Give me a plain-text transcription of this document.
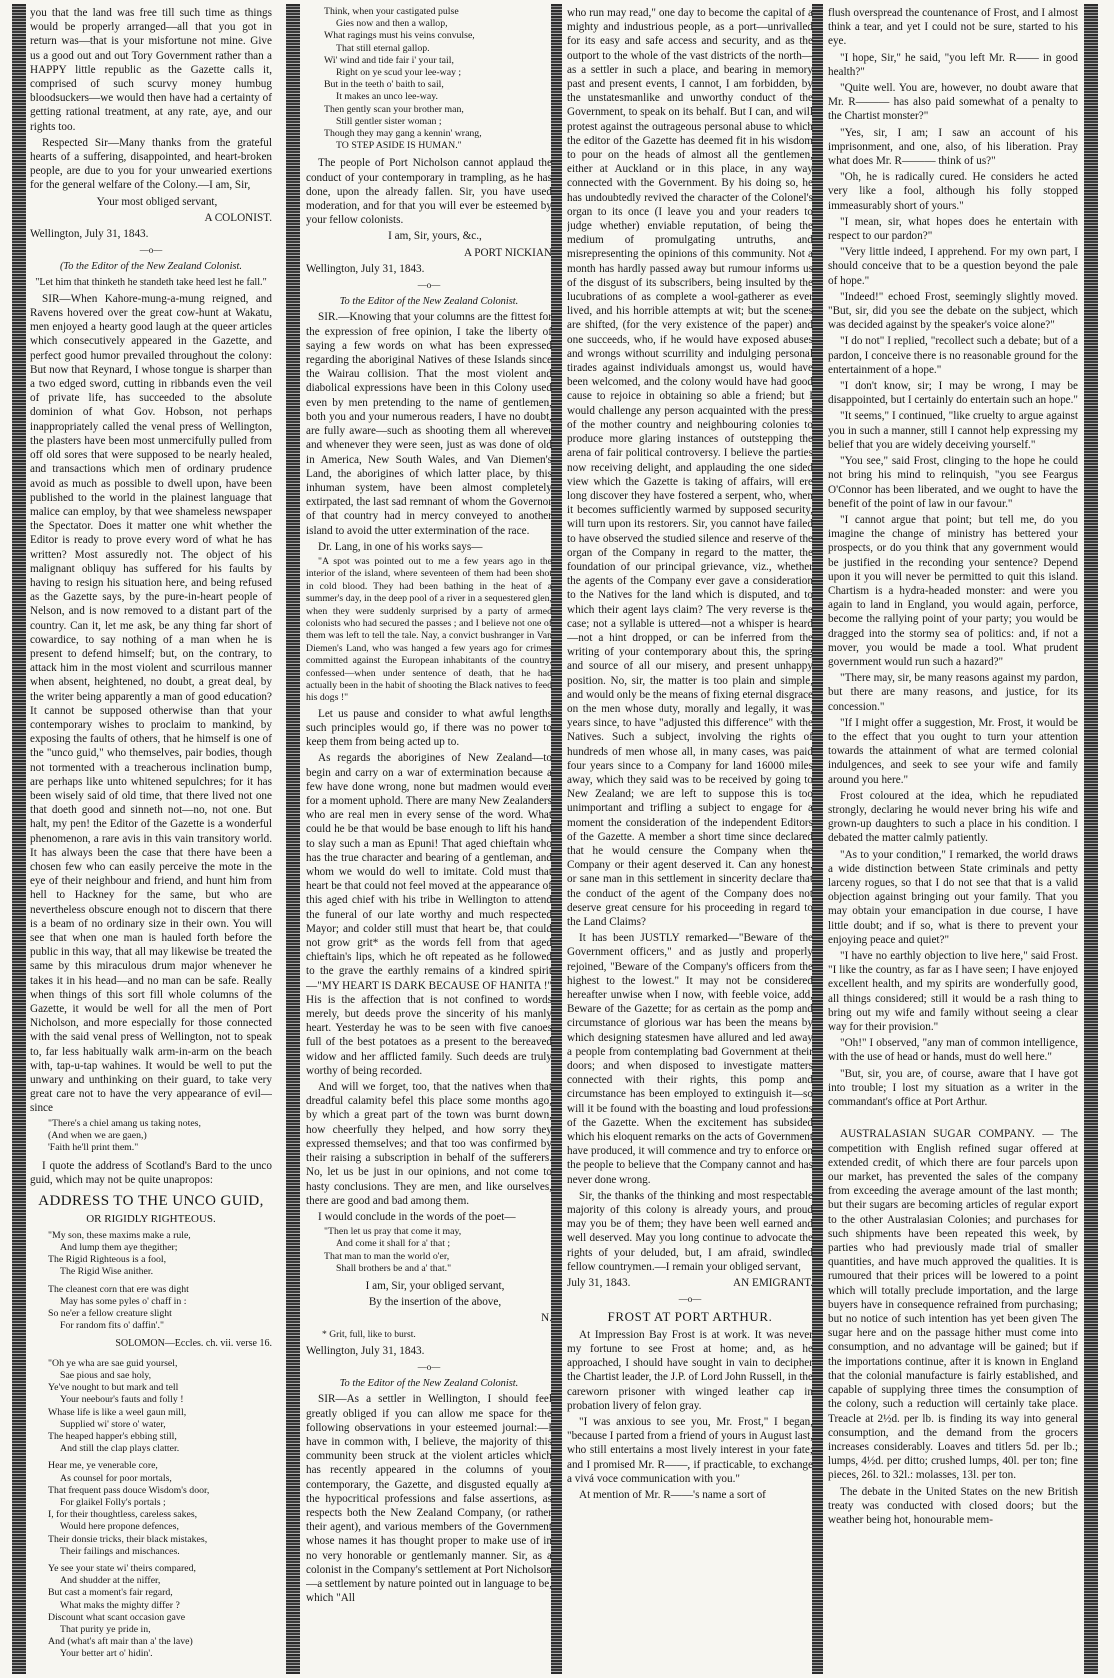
you that the land was free till such time as things would be properly arranged—all that you got in return was—that is your misfortune not mine. Give us a good out and out Tory Government rather than a HAPPY little republic as the Gazette calls it, comprised of such scurvy money humbug bloodsuckers—we would then have had a certainty of getting rational treatment, at any rate, aye, and our rights too.

Respected Sir—Many thanks from the grateful hearts of a suffering, disappointed, and heart-broken people, are due to you for your unwearied exertions for the general welfare of the Colony.—I am, Sir,

Your most obliged servant,

A COLONIST.

Wellington, July 31, 1843.

—o—
(To the Editor of the New Zealand Colonist.
"Let him that thinketh he standeth take heed lest he fall."

SIR—When Kahore-mung-a-mung reigned, and Ravens hovered over the great cow-hunt at Wakatu, men enjoyed a hearty good laugh at the queer articles which consecutively appeared in the Gazette, and perfect good humor prevailed throughout the colony: But now that Reynard, I whose tongue is sharper than a two edged sword, cutting in ribbands even the veil of private life, has succeeded to the absolute dominion of what Gov. Hobson, not perhaps inappropriately called the venal press of Wellington, the plasters have been most unmercifully pulled from off old sores that were supposed to be nearly healed, and transactions which men of ordinary prudence avoid as much as possible to dwell upon, have been published to the world in the plainest language that malice can employ, by that wee shameless newspaper the Spectator. Does it matter one whit whether the Editor is ready to prove every word of what he has written? Most assuredly not. The object of his malignant obliquy has suffered for his faults by having to resign his situation here, and being refused as the Gazette says, by the pure-in-heart people of Nelson, and is now removed to a distant part of the country. Can it, let me ask, be any thing far short of cowardice, to say nothing of a man when he is present to defend himself; but, on the contrary, to attack him in the most violent and scurrilous manner when absent, heightened, no doubt, a great deal, by the writer being apparently a man of good education? It cannot be supposed otherwise than that your contemporary wishes to proclaim to mankind, by exposing the faults of others, that he himself is one of the "unco guid," who themselves, pair bodies, though not tormented with a treacherous inclination bump, are perhaps like unto whitened sepulchres; for it has been wisely said of old time, that there lived not one that doeth good and sinneth not—no, not one. But halt, my pen! the Editor of the Gazette is a wonderful phenomenon, a rare avis in this vain transitory world. It has always been the case that there have been a chosen few who can easily perceive the mote in the eye of their neighbour and friend, and hunt him from hell to Hackney for the same, but who are nevertheless obscure enough not to discern that there is a beam of no ordinary size in their own. You will see that when one man is hauled forth before the public in this way, that all may likewise be treated the same by this miraculous drum major whenever he takes it in his head—and no man can be safe. Really when things of this sort fill whole columns of the Gazette, it would be well for all the men of Port Nicholson, and more especially for those connected with the said venal press of Wellington, not to speak to, far less habitually walk arm-in-arm on the beach with, tap-u-tap wahines. It would be well to put the unwary and unthinking on their guard, to take very great care not to have the very appearance of evil—since

"There's a chiel amang us taking notes,
(And when we are gaen,)
'Faith he'll print them."

I quote the address of Scotland's Bard to the unco guid, which may not be quite unapropos:

ADDRESS TO THE UNCO GUID,
OR RIGIDLY RIGHTEOUS.
"My son, these maxims make a rule,
And lump them aye thegither;
The Rigid Righteous is a fool,
The Rigid Wise anither.
The cleanest corn that ere was dight
May has some pyles o' chaff in :
So ne'er a fellow creature slight
For random fits o' daffin'."
SOLOMON—Eccles. ch. vii. verse 16.
"Oh ye wha are sae guid yoursel,
Sae pious and sae holy,
Ye've nought to but mark and tell
Your neebour's fauts and folly !
Whase life is like a weel gaun mill,
Supplied wi' store o' water,
The heaped happer's ebbing still,
And still the clap plays clatter.
Hear me, ye venerable core,
As counsel for poor mortals,
That frequent pass douce Wisdom's door,
For glaikel Folly's portals ;
I, for their thoughtless, careless sakes,
Would here propone defences,
Their donsie tricks, their black mistakes,
Their failings and mischances.
Ye see your state wi' theirs compared,
And shudder at the niffer,
But cast a moment's fair regard,
What maks the mighty differ ?
Discount what scant occasion gave
That purity ye pride in,
And (what's aft mair than a' the lave)
Your better art o' hidin'.
Think, when your castigated pulse
Gies now and then a wallop,
What ragings must his veins convulse,
That still eternal gallop.
Wi' wind and tide fair i' your tail,
Right on ye scud your lee-way ;
But in the teeth o' baith to sail,
It makes an unco lee-way.
Then gently scan your brother man,
Still gentler sister woman ;
Though they may gang a kennin' wrang,
TO STEP ASIDE IS HUMAN."

The people of Port Nicholson cannot applaud the conduct of your contemporary in trampling, as he has done, upon the already fallen. Sir, you have used moderation, and for that you will ever be esteemed by your fellow colonists.

I am, Sir, yours, &c.,

A PORT NICKIAN

Wellington, July 31, 1843.

—o—
To the Editor of the New Zealand Colonist.

SIR.—Knowing that your columns are the fittest for the expression of free opinion, I take the liberty of saying a few words on what has been expressed regarding the aboriginal Natives of these Islands since the Wairau collision. That the most violent and diabolical expressions have been in this Colony used even by men pretending to the name of gentlemen, both you and your numerous readers, I have no doubt, are fully aware—such as shooting them all wherever and whenever they were seen, just as was done of old in America, New South Wales, and Van Diemen's Land, the aborigines of which latter place, by this inhuman system, have been almost completely extirpated, the last sad remnant of whom the Governor of that country had in mercy conveyed to another island to avoid the utter extermination of the race.

Dr. Lang, in one of his works says—

"A spot was pointed out to me a few years ago in the interior of the island, where seventeen of them had been shot in cold blood. They had been bathing in the heat of a summer's day, in the deep pool of a river in a sequestered glen, when they were suddenly surprised by a party of armed colonists who had secured the passes ; and I believe not one of them was left to tell the tale. Nay, a convict bushranger in Van Diemen's Land, who was hanged a few years ago for crimes committed against the European inhabitants of the country, confessed—when under sentence of death, that he had actually been in the habit of shooting the Black natives to feed his dogs !"

Let us pause and consider to what awful lengths such principles would go, if there was no power to keep them from being acted up to.

As regards the aborigines of New Zealand—to begin and carry on a war of extermination because a few have done wrong, none but madmen would ever for a moment uphold. There are many New Zealanders who are real men in every sense of the word. What could he be that would be base enough to lift his hand to slay such a man as Epuni! That aged chieftain who has the true character and bearing of a gentleman, and whom we would do well to imitate. Cold must that heart be that could not feel moved at the appearance of this aged chief with his tribe in Wellington to attend the funeral of our late worthy and much respected Mayor; and colder still must that heart be, that could not grow grit* as the words fell from that aged chieftain's lips, which he oft repeated as he followed to the grave the earthly remains of a kindred spirit—"MY HEART IS DARK BECAUSE OF HANITA !" His is the affection that is not confined to words merely, but deeds prove the sincerity of his manly heart. Yesterday he was to be seen with five canoes full of the best potatoes as a present to the bereaved widow and her afflicted family. Such deeds are truly worthy of being recorded.

And will we forget, too, that the natives when that dreadful calamity befel this place some months ago, by which a great part of the town was burnt down, how cheerfully they helped, and how sorry they expressed themselves; and that too was confirmed by their raising a subscription in behalf of the sufferers. No, let us be just in our opinions, and not come to hasty conclusions. They are men, and like ourselves, there are good and bad among them.

I would conclude in the words of the poet—

"Then let us pray that come it may,
And come it shall for a' that ;
That man to man the world o'er,
Shall brothers be and a' that."

I am, Sir, your obliged servant,

By the insertion of the above,

N.

* Grit, full, like to burst.

Wellington, July 31, 1843.

—o—
To the Editor of the New Zealand Colonist.

SIR—As a settler in Wellington, I should feel greatly obliged if you can allow me space for the following observations in your esteemed journal:—I have in common with, I believe, the majority of this community been struck at the violent articles which has recently appeared in the columns of your contemporary, the Gazette, and disgusted equally at the hypocritical professions and false assertions, as respects both the New Zealand Company, (or rather their agent), and various members of the Government whose names it has thought proper to make use of in no very honorable or gentlemanly manner. Sir, as a colonist in the Company's settlement at Port Nicholson—a settlement by nature pointed out in language to be, which "All

who run may read," one day to become the capital of a mighty and industrious people, as a port—unrivalled for its easy and safe access and security, and as the outport to the whole of the vast districts of the north—as a settler in such a place, and bearing in memory past and present events, I cannot, I am forbidden, by the unstatesmanlike and unworthy conduct of the Government, to speak on its behalf. But I can, and will protest against the outrageous personal abuse to which the editor of the Gazette has deemed fit in his wisdom to pour on the heads of almost all the gentlemen, either at Auckland or in this place, in any way connected with the Government. By his doing so, he has undoubtedly revived the character of the Colonel's organ to its once (I leave you and your readers to judge whether) enviable reputation, of being the medium of promulgating untruths, and misrepresenting the opinions of this community. Not a month has hardly passed away but rumour informs us of the disgust of its subscribers, being insulted by the lucubrations of as complete a wool-gatherer as ever lived, and his horrible attempts at wit; but the scenes are shifted, (for the very existence of the paper) and one succeeds, who, if he would have exposed abuses and wrongs without scurrility and indulging personal tirades against individuals amongst us, would have been welcomed, and the colony would have had good cause to rejoice in obtaining so able a friend; but I would challenge any person acquainted with the press of the mother country and neighbouring colonies to produce more glaring instances of outstepping the arena of fair political controversy. I believe the parties now receiving delight, and applauding the one sided view which the Gazette is taking of affairs, will ere long discover they have fostered a serpent, who, when it becomes sufficiently warmed by supposed security, will turn upon its restorers. Sir, you cannot have failed to have observed the studied silence and reserve of the organ of the Company in regard to the matter, the foundation of our principal grievance, viz., whether the agents of the Company ever gave a consideration to the Natives for the land which is disputed, and to which their agent lays claim? The very reverse is the case; not a syllable is uttered—not a whisper is heard—not a hint dropped, or can be inferred from the writing of your contemporary about this, the spring and source of all our misery, and present unhappy position. No, sir, the matter is too plain and simple, and would only be the means of fixing eternal disgrace on the men whose duty, morally and legally, it was, years since, to have "adjusted this difference" with the Natives. Such a subject, involving the rights of hundreds of men whose all, in many cases, was paid four years since to a Company for land 16000 miles away, which they said was to be received by going to New Zealand; we are left to suppose this is too unimportant and trifling a subject to engage for a moment the consideration of the independent Editors of the Gazette. A member a short time since declared that he would censure the Company when the Company or their agent deserved it. Can any honest, or sane man in this settlement in sincerity declare that the conduct of the agent of the Company does not deserve great censure for his proceeding in regard to the Land Claims?

It has been JUSTLY remarked—"Beware of the Government officers," and as justly and properly rejoined, "Beware of the Company's officers from the highest to the lowest." It may not be considered hereafter unwise when I now, with feeble voice, add, Beware of the Gazette; for as certain as the pomp and circumstance of glorious war has been the means by which designing statesmen have allured and led away a people from contemplating bad Government at their doors; and when disposed to investigate matters connected with their rights, this pomp and circumstance has been employed to extinguish it—so will it be found with the boasting and loud professions of the Gazette. When the excitement has subsided which his eloquent remarks on the acts of Government have produced, it will commence and try to enforce on the people to believe that the Company cannot and has never done wrong.

Sir, the thanks of the thinking and most respectable majority of this colony is already yours, and proud may you be of them; they have been well earned and well deserved. May you long continue to advocate the rights of your deluded, but, I am afraid, swindled fellow countrymen.—I remain your obliged servant,

July 31, 1843.	AN EMIGRANT.
—o—
FROST AT PORT ARTHUR.

At Impression Bay Frost is at work. It was never my fortune to see Frost at home; and, as he approached, I should have sought in vain to decipher the Chartist leader, the J.P. of Lord John Russell, in the careworn prisoner with winged leather cap in probation livery of felon gray.

"I was anxious to see you, Mr. Frost," I began, "because I parted from a friend of yours in August last, who still entertains a most lively interest in your fate; and I promised Mr. R——, if practicable, to exchange a vivá voce communication with you."

At mention of Mr. R——'s name a sort of

flush overspread the countenance of Frost, and I almost think a tear, and yet I could not be sure, started to his eye.

"I hope, Sir," he said, "you left Mr. R—— in good health?"

"Quite well. You are, however, no doubt aware that Mr. R——— has also paid somewhat of a penalty to the Chartist monster?"

"Yes, sir, I am; I saw an account of his imprisonment, and one, also, of his liberation. Pray what does Mr. R——— think of us?"

"Oh, he is radically cured. He considers he acted very like a fool, although his folly stopped immeasurably short of yours."

"I mean, sir, what hopes does he entertain with respect to our pardon?"

"Very little indeed, I apprehend. For my own part, I should conceive that to be a question beyond the pale of hope."

"Indeed!" echoed Frost, seemingly slightly moved. "But, sir, did you see the debate on the subject, which was decided against by the speaker's voice alone?"

"I do not" I replied, "recollect such a debate; but of a pardon, I conceive there is no reasonable ground for the entertainment of a hope."

"I don't know, sir; I may be wrong, I may be disappointed, but I certainly do entertain such an hope."

"It seems," I continued, "like cruelty to argue against you in such a manner, still I cannot help expressing my belief that you are widely deceiving yourself."

"You see," said Frost, clinging to the hope he could not bring his mind to relinquish, "you see Feargus O'Connor has been liberated, and we ought to have the benefit of the point of law in our favour."

"I cannot argue that point; but tell me, do you imagine the change of ministry has bettered your prospects, or do you think that any government would be justified in the reconding your sentence? Depend upon it you will never be permitted to quit this island. Chartism is a hydra-headed monster: and were you again to land in England, you would again, perforce, become the rallying point of your party; you would be dragged into the stormy sea of politics: and, if not a mover, you would be made a tool. What prudent government would run such a hazard?"

"There may, sir, be many reasons against my pardon, but there are many reasons, and justice, for its concession."

"If I might offer a suggestion, Mr. Frost, it would be to the effect that you ought to turn your attention towards the attainment of what are termed colonial indulgences, and seek to see your wife and family around you here."

Frost coloured at the idea, which he repudiated strongly, declaring he would never bring his wife and grown-up daughters to such a place in his condition. I debated the matter calmly patiently.

"As to your condition," I remarked, the world draws a wide distinction between State criminals and petty larceny rogues, so that I do not see that that is a valid objection against bringing out your family. That you may obtain your emancipation in due course, I have little doubt; and if so, what is there to prevent your enjoying peace and quiet?"

"I have no earthly objection to live here," said Frost. "I like the country, as far as I have seen; I have enjoyed excellent health, and my spirits are wonderfully good, all things considered; still it would be a rash thing to bring out my wife and family without seeing a clear way for their provision."

"Oh!" I observed, "any man of common intelligence, with the use of head or hands, must do well here."

"But, sir, you are, of course, aware that I have got into trouble; I lost my situation as a writer in the commandant's office at Port Arthur.

AUSTRALASIAN SUGAR COMPANY. — The competition with English refined sugar offered at extended credit, of which there are four parcels upon our market, has prevented the sales of the company from exceeding the average amount of the last month; but their sugars are becoming articles of regular export to the other Australasian Colonies; and purchases for such shipments have been repeated this week, by parties who had previously made trial of smaller quantities, and have much approved the qualities. It is rumoured that their prices will be lowered to a point which will totally preclude importation, and the large buyers have in consequence refrained from purchasing; but no notice of such intention has yet been given The sugar here and on the passage hither must come into consumption, and no advantage will be gained; but if the importations continue, after it is known in England that the colonial manufacture is fairly established, and capable of supplying three times the consumption of the colony, such a reduction will certainly take place. Treacle at 2½d. per lb. is finding its way into general consumption, and the demand from the grocers increases considerably. Loaves and titlers 5d. per lb.; lumps, 4½d. per ditto; crushed lumps, 40l. per ton; fine pieces, 26l. to 32l.: molasses, 13l. per ton.

The debate in the United States on the new British treaty was conducted with closed doors; but the weather being hot, honourable mem-
